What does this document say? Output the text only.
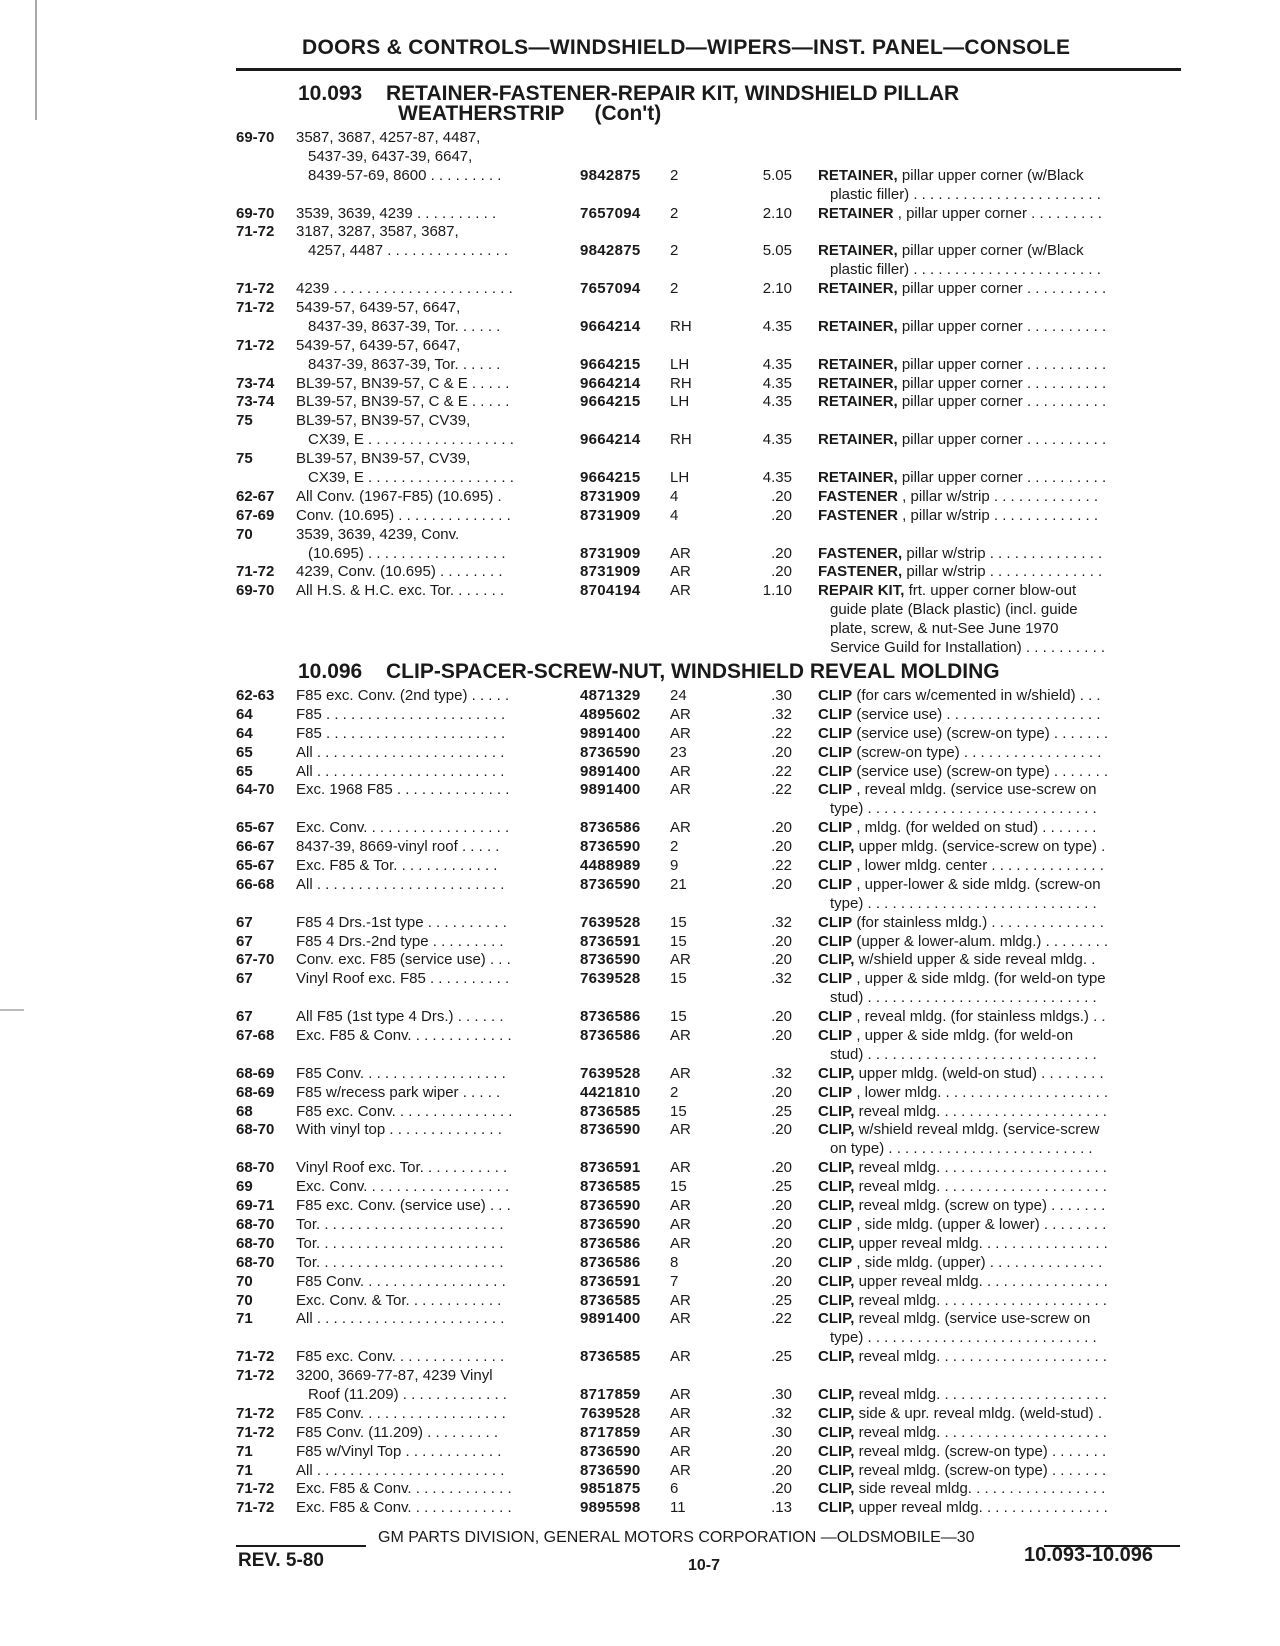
DOORS & CONTROLS—WINDSHIELD—WIPERS—INST. PANEL—CONSOLE
10.093 RETAINER-FASTENER-REPAIR KIT, WINDSHIELD PILLAR
WEATHERSTRIP (Con't)
69-70 3587, 3687, 4257-87, 4487,
5437-39, 6437-39, 6647,
8439-57-69, 8600 . . . . . . . . .	9842875 2	5.05 RETAINER, pillar upper corner (w/Black
plastic filler) . . . . . . . . . . . . . . . . . . . . . . .
69-70 3539, 3639, 4239 . . . . . . . . . .	7657094 2	2.10 RETAINER , pillar upper corner . . . . . . . . .
71-72 3187, 3287, 3587, 3687,
4257, 4487 . . . . . . . . . . . . . . .	9842875 2	5.05 RETAINER, pillar upper corner (w/Black
plastic filler) . . . . . . . . . . . . . . . . . . . . . . .
71-72 4239 . . . . . . . . . . . . . . . . . . . . . .	7657094 2	2.10 RETAINER, pillar upper corner . . . . . . . . . .
71-72 5439-57, 6439-57, 6647,
8437-39, 8637-39, Tor. . . . . .	9664214 RH	4.35 RETAINER, pillar upper corner . . . . . . . . . .
71-72 5439-57, 6439-57, 6647,
8437-39, 8637-39, Tor. . . . . .	9664215 LH	4.35 RETAINER, pillar upper corner . . . . . . . . . .
73-74 BL39-57, BN39-57, C & E . . . . .	9664214 RH	4.35 RETAINER, pillar upper corner . . . . . . . . . .
73-74 BL39-57, BN39-57, C & E . . . . .	9664215 LH	4.35 RETAINER, pillar upper corner . . . . . . . . . .
75	BL39-57, BN39-57, CV39,
CX39, E . . . . . . . . . . . . . . . . . .	9664214 RH	4.35 RETAINER, pillar upper corner . . . . . . . . . .
75	BL39-57, BN39-57, CV39,
CX39, E . . . . . . . . . . . . . . . . . .	9664215 LH	4.35 RETAINER, pillar upper corner . . . . . . . . . .
62-67 All Conv. (1967-F85) (10.695) .	8731909 4	.20 FASTENER , pillar w/strip . . . . . . . . . . . . .
67-69 Conv. (10.695) . . . . . . . . . . . . . .	8731909 4	.20 FASTENER , pillar w/strip . . . . . . . . . . . . .
70	3539, 3639, 4239, Conv.
(10.695) . . . . . . . . . . . . . . . . .	8731909 AR	.20 FASTENER, pillar w/strip . . . . . . . . . . . . . .
71-72 4239, Conv. (10.695) . . . . . . . .	8731909 AR	.20 FASTENER, pillar w/strip . . . . . . . . . . . . . .
69-70 All H.S. & H.C. exc. Tor. . . . . . .	8704194 AR	1.10 REPAIR KIT, frt. upper corner blow-out
guide plate (Black plastic) (incl. guide
plate, screw, & nut-See June 1970
Service Guild for Installation) . . . . . . . . . .
10.096 CLIP-SPACER-SCREW-NUT, WINDSHIELD REVEAL MOLDING
62-63 F85 exc. Conv. (2nd type) . . . . .	4871329 24	.30 CLIP (for cars w/cemented in w/shield) . . .
64	F85 . . . . . . . . . . . . . . . . . . . . . .	4895602 AR	.32 CLIP (service use) . . . . . . . . . . . . . . . . . . .
64	F85 . . . . . . . . . . . . . . . . . . . . . .	9891400 AR	.22 CLIP (service use) (screw-on type) . . . . . . .
65	All . . . . . . . . . . . . . . . . . . . . . . .	8736590 23	.20 CLIP (screw-on type) . . . . . . . . . . . . . . . . .
65	All . . . . . . . . . . . . . . . . . . . . . . .	9891400 AR	.22 CLIP (service use) (screw-on type) . . . . . . .
64-70 Exc. 1968 F85 . . . . . . . . . . . . . .	9891400 AR	.22 CLIP , reveal mldg. (service use-screw on
type) . . . . . . . . . . . . . . . . . . . . . . . . . . . .
65-67 Exc. Conv. . . . . . . . . . . . . . . . . .	8736586 AR	.20 CLIP , mldg. (for welded on stud) . . . . . . .
66-67 8437-39, 8669-vinyl roof . . . . .	8736590 2	.20 CLIP, upper mldg. (service-screw on type) .
65-67 Exc. F85 & Tor. . . . . . . . . . . . .	4488989 9	.22 CLIP , lower mldg. center . . . . . . . . . . . . . .
66-68 All . . . . . . . . . . . . . . . . . . . . . . .	8736590 21	.20 CLIP , upper-lower & side mldg. (screw-on
type) . . . . . . . . . . . . . . . . . . . . . . . . . . . .
67	F85 4 Drs.-1st type . . . . . . . . . .	7639528 15	.32 CLIP (for stainless mldg.) . . . . . . . . . . . . . .
67	F85 4 Drs.-2nd type . . . . . . . . .	8736591 15	.20 CLIP (upper & lower-alum. mldg.) . . . . . . . .
67-70 Conv. exc. F85 (service use) . . .	8736590 AR	.20 CLIP, w/shield upper & side reveal mldg. .
67	Vinyl Roof exc. F85 . . . . . . . . . .	7639528 15	.32 CLIP , upper & side mldg. (for weld-on type
stud) . . . . . . . . . . . . . . . . . . . . . . . . . . . .
67	All F85 (1st type 4 Drs.) . . . . . .	8736586 15	.20 CLIP , reveal mldg. (for stainless mldgs.) . .
67-68 Exc. F85 & Conv. . . . . . . . . . . . .	8736586 AR	.20 CLIP , upper & side mldg. (for weld-on
stud) . . . . . . . . . . . . . . . . . . . . . . . . . . . .
68-69 F85 Conv. . . . . . . . . . . . . . . . . .	7639528 AR	.32 CLIP, upper mldg. (weld-on stud) . . . . . . . .
68-69 F85 w/recess park wiper . . . . .	4421810 2	.20 CLIP , lower mldg. . . . . . . . . . . . . . . . . . . . .
68	F85 exc. Conv. . . . . . . . . . . . . . .	8736585 15	.25 CLIP, reveal mldg. . . . . . . . . . . . . . . . . . . . .
68-70 With vinyl top . . . . . . . . . . . . . .	8736590 AR	.20 CLIP, w/shield reveal mldg. (service-screw
on type) . . . . . . . . . . . . . . . . . . . . . . . . .
68-70 Vinyl Roof exc. Tor. . . . . . . . . . .	8736591 AR	.20 CLIP, reveal mldg. . . . . . . . . . . . . . . . . . . . .
69	Exc. Conv. . . . . . . . . . . . . . . . . .	8736585 15	.25 CLIP, reveal mldg. . . . . . . . . . . . . . . . . . . . .
69-71 F85 exc. Conv. (service use) . . .	8736590 AR	.20 CLIP, reveal mldg. (screw on type) . . . . . . .
68-70 Tor. . . . . . . . . . . . . . . . . . . . . . .	8736590 AR	.20 CLIP , side mldg. (upper & lower) . . . . . . . .
68-70 Tor. . . . . . . . . . . . . . . . . . . . . . .	8736586 AR	.20 CLIP, upper reveal mldg. . . . . . . . . . . . . . . .
68-70 Tor. . . . . . . . . . . . . . . . . . . . . . .	8736586 8	.20 CLIP , side mldg. (upper) . . . . . . . . . . . . . .
70	F85 Conv. . . . . . . . . . . . . . . . . .	8736591 7	.20 CLIP, upper reveal mldg. . . . . . . . . . . . . . . .
70	Exc. Conv. & Tor. . . . . . . . . . . .	8736585 AR	.25 CLIP, reveal mldg. . . . . . . . . . . . . . . . . . . . .
71	All . . . . . . . . . . . . . . . . . . . . . . .	9891400 AR	.22 CLIP, reveal mldg. (service use-screw on
type) . . . . . . . . . . . . . . . . . . . . . . . . . . . .
71-72 F85 exc. Conv. . . . . . . . . . . . . .	8736585 AR	.25 CLIP, reveal mldg. . . . . . . . . . . . . . . . . . . . .
71-72 3200, 3669-77-87, 4239 Vinyl
Roof (11.209) . . . . . . . . . . . . .	8717859 AR	.30 CLIP, reveal mldg. . . . . . . . . . . . . . . . . . . . .
71-72 F85 Conv. . . . . . . . . . . . . . . . . .	7639528 AR	.32 CLIP, side & upr. reveal mldg. (weld-stud) .
71-72 F85 Conv. (11.209) . . . . . . . . .	8717859 AR	.30 CLIP, reveal mldg. . . . . . . . . . . . . . . . . . . . .
71	F85 w/Vinyl Top . . . . . . . . . . . .	8736590 AR	.20 CLIP, reveal mldg. (screw-on type) . . . . . . .
71	All . . . . . . . . . . . . . . . . . . . . . . .	8736590 AR	.20 CLIP, reveal mldg. (screw-on type) . . . . . . .
71-72 Exc. F85 & Conv. . . . . . . . . . . . .	9851875 6	.20 CLIP, side reveal mldg. . . . . . . . . . . . . . . . .
71-72 Exc. F85 & Conv. . . . . . . . . . . . .	9895598 11	.13 CLIP, upper reveal mldg. . . . . . . . . . . . . . . .
GM PARTS DIVISION, GENERAL MOTORS CORPORATION —OLDSMOBILE—30
REV. 5-80	10-7	10.093-10.096
